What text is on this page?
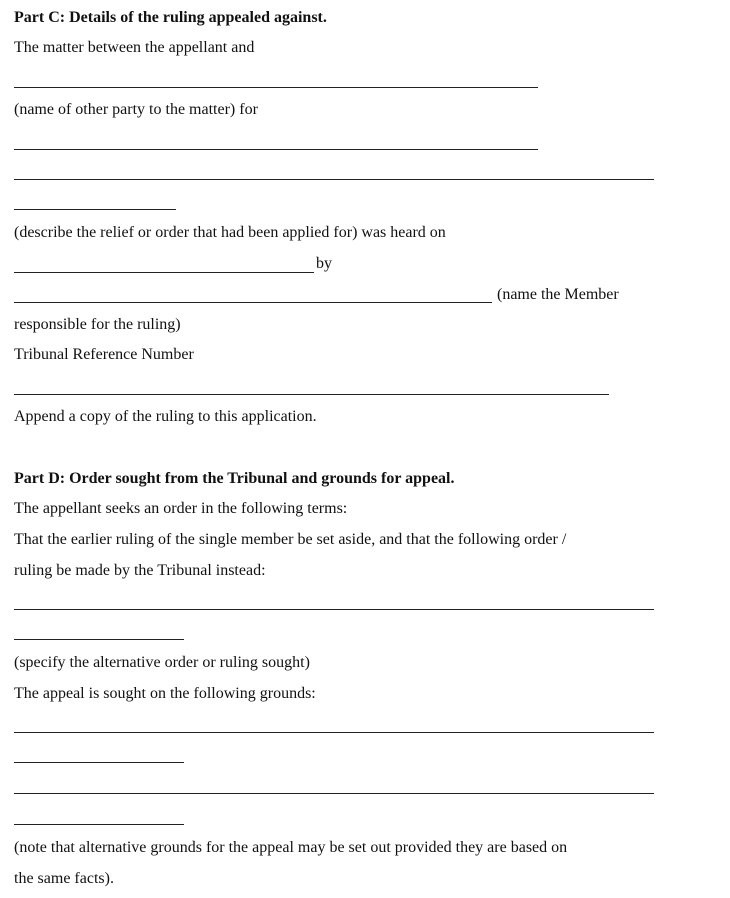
Part C: Details of the ruling appealed against.
The matter between the appellant and
(name of other party to the matter) for
(describe the relief or order that had been applied for) was heard on
by
(name the Member
responsible for the ruling)
Tribunal Reference Number
Append a copy of the ruling to this application.
Part D: Order sought from the Tribunal and grounds for appeal.
The appellant seeks an order in the following terms:
That the earlier ruling of the single member be set aside, and that the following order /
ruling be made by the Tribunal instead:
(specify the alternative order or ruling sought)
The appeal is sought on the following grounds:
(note that alternative grounds for the appeal may be set out provided they are based on
the same facts).
